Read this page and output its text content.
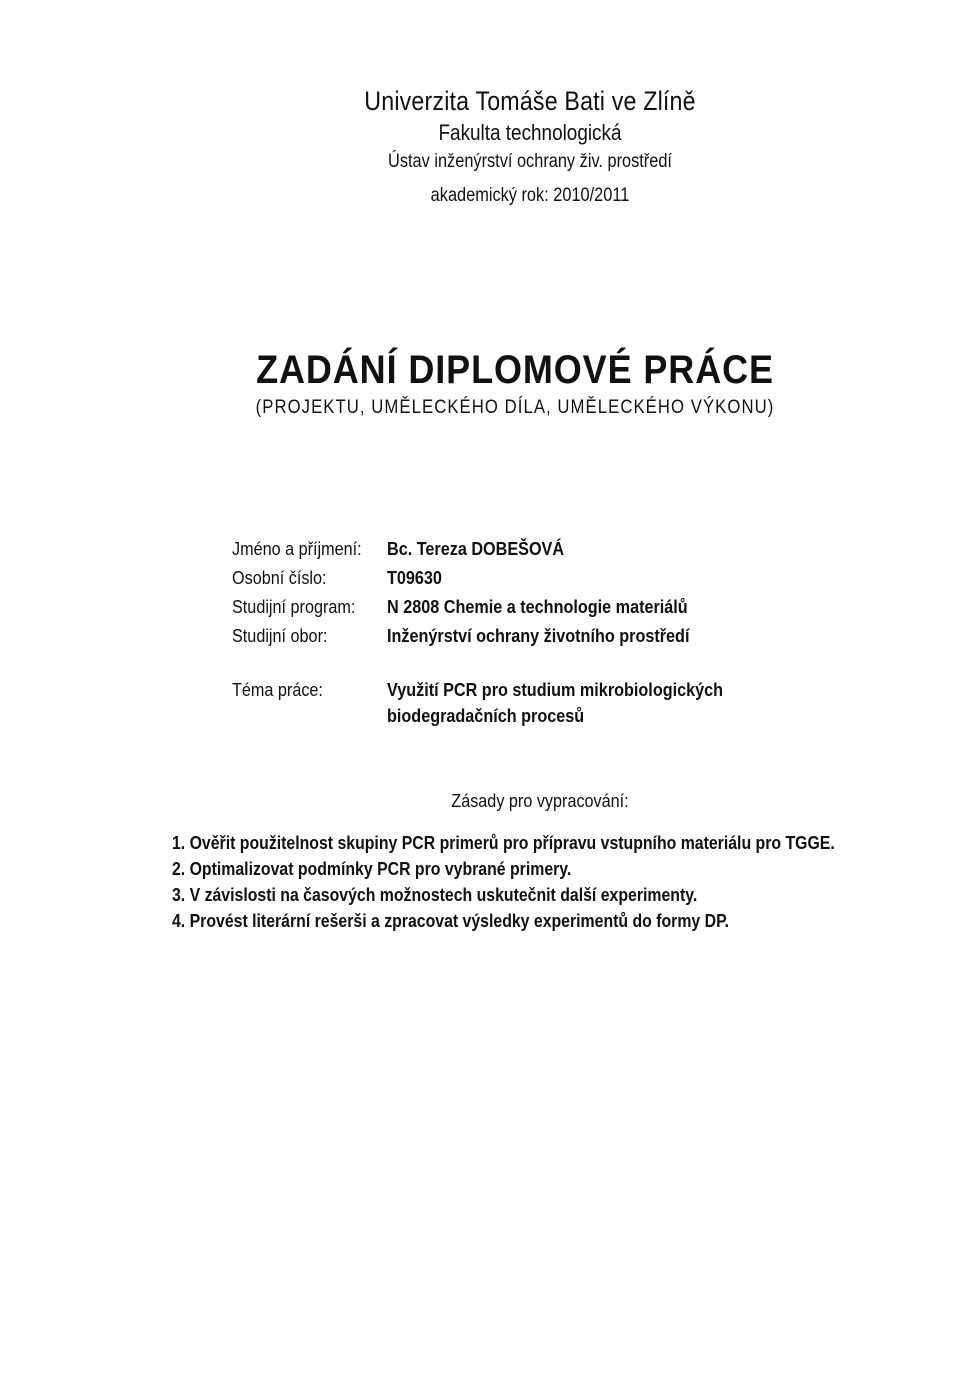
Univerzita Tomáše Bati ve Zlíně
Fakulta technologická
Ústav inženýrství ochrany živ. prostředí
akademický rok: 2010/2011
ZADÁNÍ DIPLOMOVÉ PRÁCE
(PROJEKTU, UMĚLECKÉHO DÍLA, UMĚLECKÉHO VÝKONU)
Jméno a příjmení:	Bc. Tereza DOBEŠOVÁ
Osobní číslo:	T09630
Studijní program:	N 2808 Chemie a technologie materiálů
Studijní obor:	Inženýrství ochrany životního prostředí
Téma práce:	Využití PCR pro studium mikrobiologických biodegradačních procesů
Zásady pro vypracování:
1. Ověřit použitelnost skupiny PCR primerů pro přípravu vstupního materiálu pro TGGE.
2. Optimalizovat podmínky PCR pro vybrané primery.
3. V závislosti na časových možnostech uskutečnit další experimenty.
4. Provést literární rešerši a zpracovat výsledky experimentů do formy DP.
